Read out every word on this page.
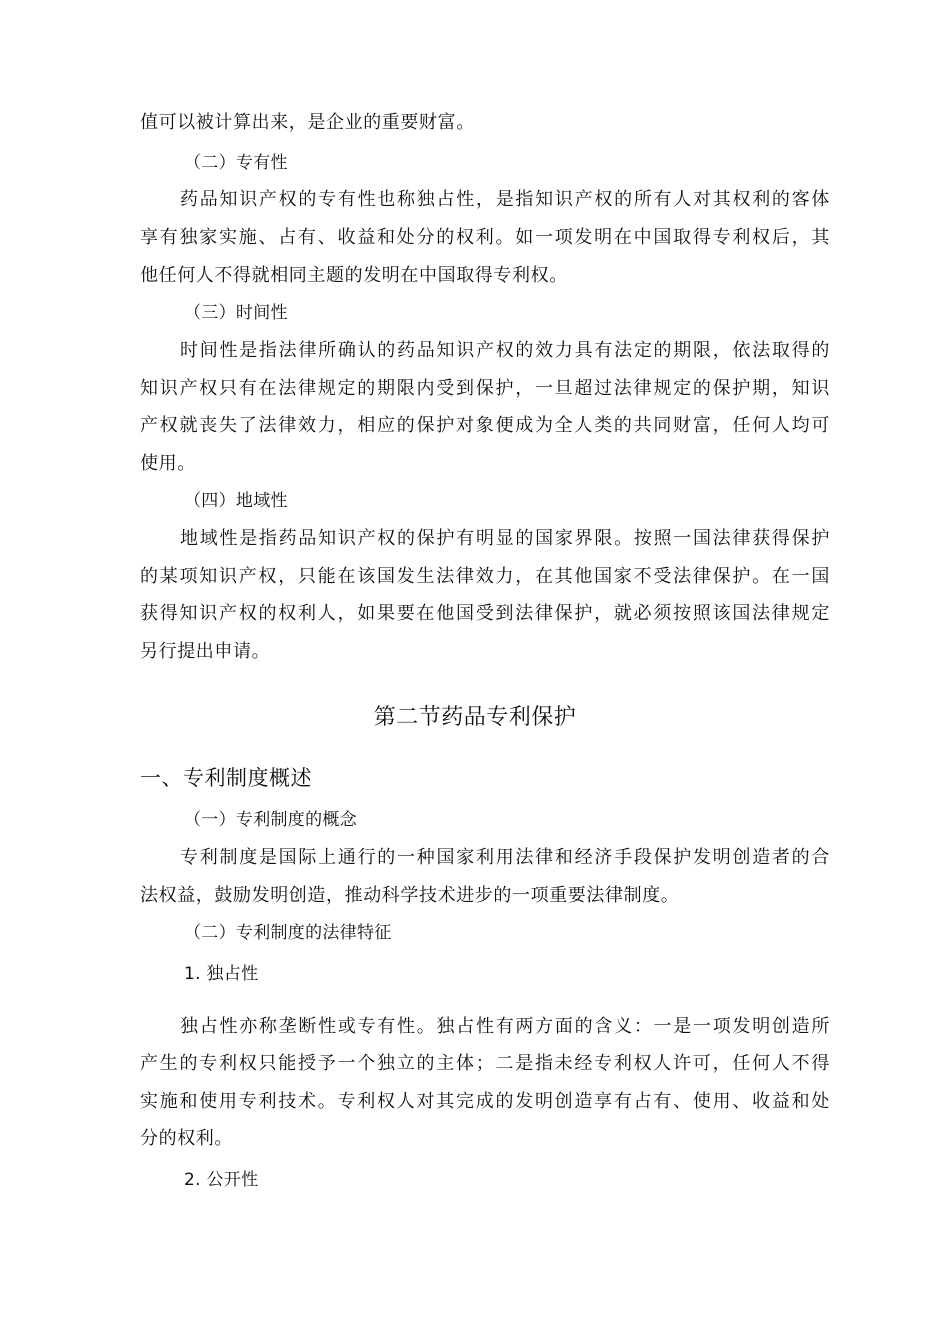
值可以被计算出来，是企业的重要财富。
（二）专有性
药品知识产权的专有性也称独占性，是指知识产权的所有人对其权利的客体
享有独家实施、占有、收益和处分的权利。如一项发明在中国取得专利权后，其
他任何人不得就相同主题的发明在中国取得专利权。
（三）时间性
时间性是指法律所确认的药品知识产权的效力具有法定的期限，依法取得的
知识产权只有在法律规定的期限内受到保护，一旦超过法律规定的保护期，知识
产权就丧失了法律效力，相应的保护对象便成为全人类的共同财富，任何人均可
使用。
（四）地域性
地域性是指药品知识产权的保护有明显的国家界限。按照一国法律获得保护
的某项知识产权，只能在该国发生法律效力，在其他国家不受法律保护。在一国
获得知识产权的权利人，如果要在他国受到法律保护，就必须按照该国法律规定
另行提出申请。
第二节药品专利保护
一、专利制度概述
（一）专利制度的概念
专利制度是国际上通行的一种国家利用法律和经济手段保护发明创造者的合
法权益，鼓励发明创造，推动科学技术进步的一项重要法律制度。
（二）专利制度的法律特征
1. 独占性
独占性亦称垄断性或专有性。独占性有两方面的含义：一是一项发明创造所
产生的专利权只能授予一个独立的主体；二是指未经专利权人许可，任何人不得
实施和使用专利技术。专利权人对其完成的发明创造享有占有、使用、收益和处
分的权利。
2. 公开性
